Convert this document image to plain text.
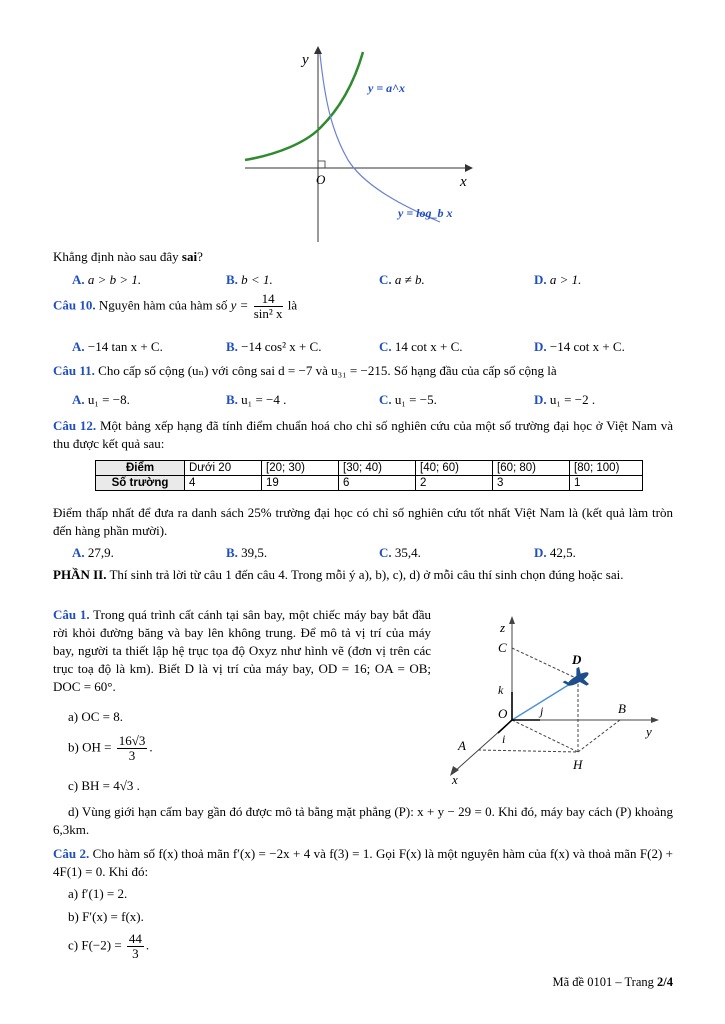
y
x
O
y = a^x
y = log_b x
Khẳng định nào sau đây sai?
A. a > b > 1.	B. b < 1.	C. a ≠ b.	D. a > 1.
Câu 10. Nguyên hàm của hàm số $y = \frac{14}{\text{sin² x}}$ là
A. −14 tan x + C.	B. −14 cos² x + C.	C. 14 cot x + C.	D. −14 cot x + C.
Câu 11. Cho cấp số cộng (uₙ) với công sai d = −7 và u₃₁ = −215. Số hạng đầu của cấp số cộng là
A. u₁ = −8.	B. u₁ = −4 .	C. u₁ = −5.	D. u₁ = −2 .
Câu 12. Một bảng xếp hạng đã tính điểm chuẩn hoá cho chỉ số nghiên cứu của một số trường đại học ở Việt Nam và thu được kết quả sau:
Điểm	Dưới 20	[20; 30)	[30; 40)	[40; 60)	[60; 80)	[80; 100)
Số trường	4	19	6	2	3	1
Điểm thấp nhất để đưa ra danh sách 25% trường đại học có chỉ số nghiên cứu tốt nhất Việt Nam là (kết quả làm tròn đến hàng phần mười).
A. 27,9.	B. 39,5.	C. 35,4.	D. 42,5.
PHẦN II. Thí sinh trả lời từ câu 1 đến câu 4. Trong mỗi ý a), b), c), d) ở mỗi câu thí sinh chọn đúng hoặc sai.
Câu 1. Trong quá trình cất cánh tại sân bay, một chiếc máy bay bắt đầu rời khỏi đường băng và bay lên không trung. Để mô tả vị trí của máy bay, người ta thiết lập hệ trục tọa độ Oxyz như hình vẽ (đơn vị trên các trục toạ độ là km). Biết D là vị trí của máy bay, OD = 16; OA = OB; DOC = 60°.
a) OC = 8.
b) OH = $\frac{16√3}{3}$ .
c) BH = 4√3 .
d) Vùng giới hạn cấm bay gần đó được mô tả bằng mặt phẳng (P): x + y − 29 = 0. Khi đó, máy bay cách (P) khoảng 6,3km.
z
C
D
k
O	j	B
y
A	i
H
x
Câu 2. Cho hàm số f(x) thoả mãn f′(x) = −2x + 4 và f(3) = 1. Gọi F(x) là một nguyên hàm của f(x) và thoả mãn F(2) + 4F(1) = 0. Khi đó:
a) f′(1) = 2.
b) F′(x) = f(x).
c) $F(-2) = \frac{44}{3}$ .
Mã đề 0101 – Trang 2/4
